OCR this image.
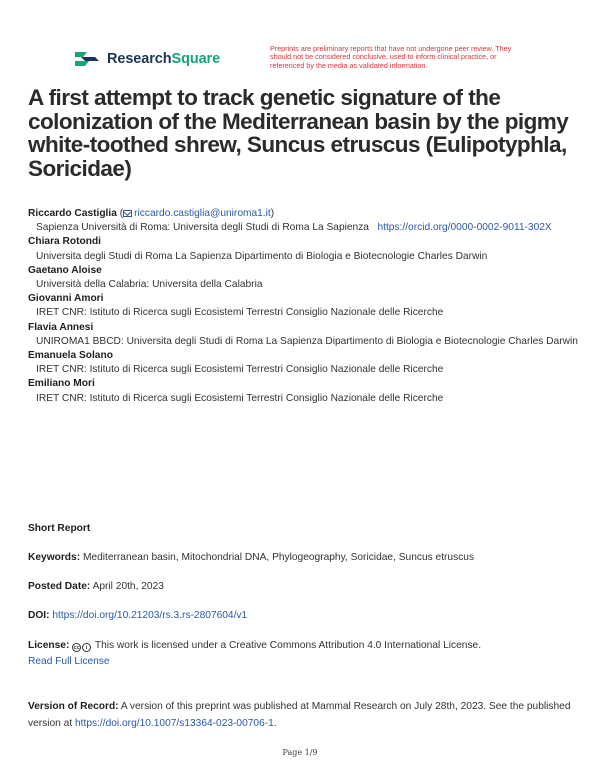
ResearchSquare
Preprints are preliminary reports that have not undergone peer review. They should not be considered conclusive, used to inform clinical practice, or referenced by the media as validated information.
A first attempt to track genetic signature of the colonization of the Mediterranean basin by the pigmy white-toothed shrew, Suncus etruscus (Eulipotyphla, Soricidae)
Riccardo Castiglia ( riccardo.castiglia@uniroma1.it)
Sapienza Università di Roma: Universita degli Studi di Roma La Sapienza https://orcid.org/0000-0002-9011-302X
Chiara Rotondi
Universita degli Studi di Roma La Sapienza Dipartimento di Biologia e Biotecnologie Charles Darwin
Gaetano Aloise
Università della Calabria: Universita della Calabria
Giovanni Amori
IRET CNR: Istituto di Ricerca sugli Ecosistemi Terrestri Consiglio Nazionale delle Ricerche
Flavia Annesi
UNIROMA1 BBCD: Universita degli Studi di Roma La Sapienza Dipartimento di Biologia e Biotecnologie Charles Darwin
Emanuela Solano
IRET CNR: Istituto di Ricerca sugli Ecosistemi Terrestri Consiglio Nazionale delle Ricerche
Emiliano Mori
IRET CNR: Istituto di Ricerca sugli Ecosistemi Terrestri Consiglio Nazionale delle Ricerche
Short Report
Keywords: Mediterranean basin, Mitochondrial DNA, Phylogeography, Soricidae, Suncus etruscus
Posted Date: April 20th, 2023
DOI: https://doi.org/10.21203/rs.3.rs-2807604/v1
License: cc i This work is licensed under a Creative Commons Attribution 4.0 International License.
Read Full License
Version of Record: A version of this preprint was published at Mammal Research on July 28th, 2023. See the published version at https://doi.org/10.1007/s13364-023-00706-1.
Page 1/9
